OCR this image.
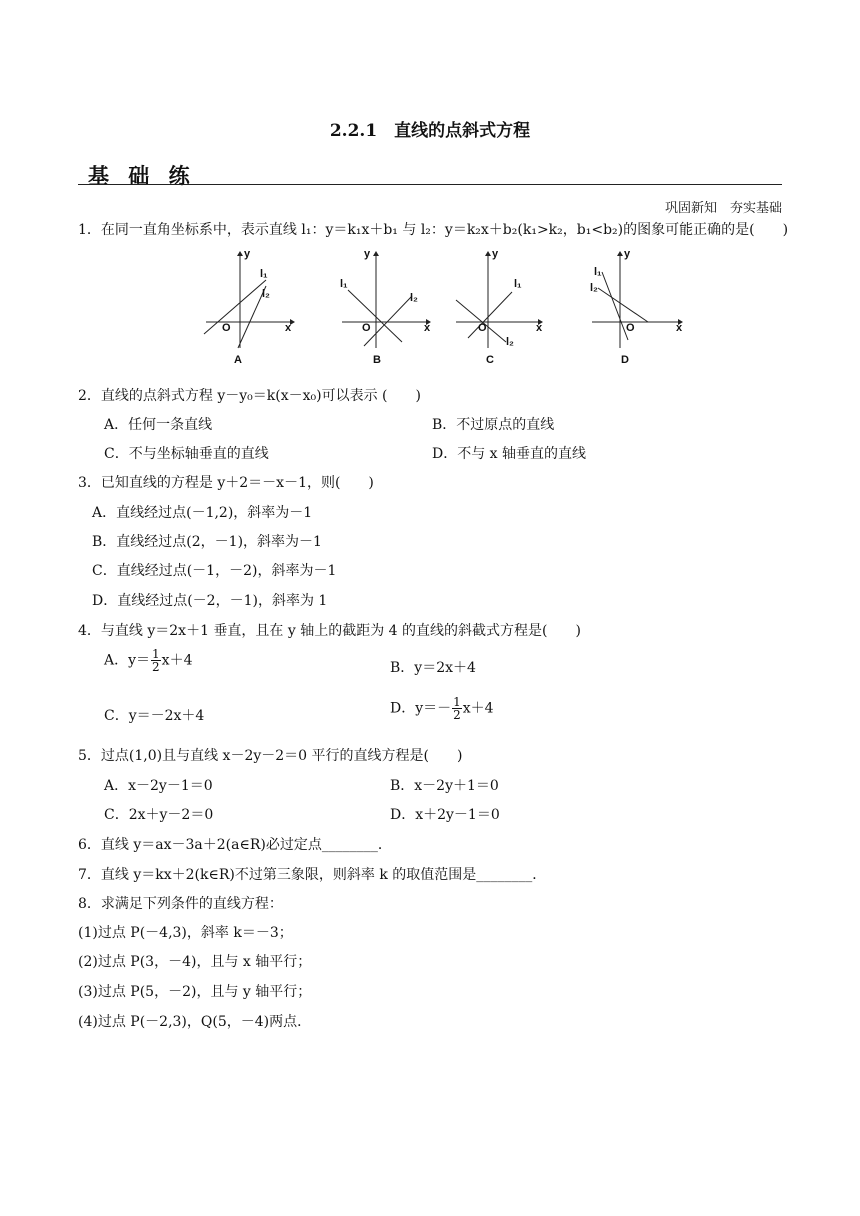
2.2.1　直线的点斜式方程
基 础 练
巩固新知　夯实基础
1．在同一直角坐标系中，表示直线 l₁：y＝k₁x＋b₁ 与 l₂：y＝k₂x＋b₂(k₁>k₂，b₁<b₂)的图象可能正确的是(　　)
y
x
O
l₁
l₂
A
y
x
O
l₁
l₂
B
y
x
O
l₁
l₂
C
y
x
O
l₁
l₂
D
2．直线的点斜式方程 y－y₀＝k(x－x₀)可以表示 (　　)
A．任何一条直线	B．不过原点的直线
C．不与坐标轴垂直的直线	D．不与 x 轴垂直的直线
3．已知直线的方程是 y＋2＝－x－1，则(　　)
A．直线经过点(－1,2)，斜率为－1
B．直线经过点(2，－1)，斜率为－1
C．直线经过点(－1，－2)，斜率为－1
D．直线经过点(－2，－1)，斜率为 1
4．与直线 y＝2x＋1 垂直，且在 y 轴上的截距为 4 的直线的斜截式方程是(　　)
A．$y= \frac{1}{2} x+4$	B．y＝2x＋4
C．y＝－2x＋4	D．$y=- \frac{1}{2} x+4$
5．过点(1,0)且与直线 x－2y－2＝0 平行的直线方程是(　　)
A．x－2y－1＝0	B．x－2y＋1＝0
C．2x＋y－2＝0	D．x＋2y－1＝0
6．直线 y＝ax－3a＋2(a∈R)必过定点________．
7．直线 y＝kx＋2(k∈R)不过第三象限，则斜率 k 的取值范围是________．
8．求满足下列条件的直线方程：
(1)过点 P(－4,3)，斜率 k＝－3；
(2)过点 P(3，－4)，且与 x 轴平行；
(3)过点 P(5，－2)，且与 y 轴平行；
(4)过点 P(－2,3)，Q(5，－4)两点．
